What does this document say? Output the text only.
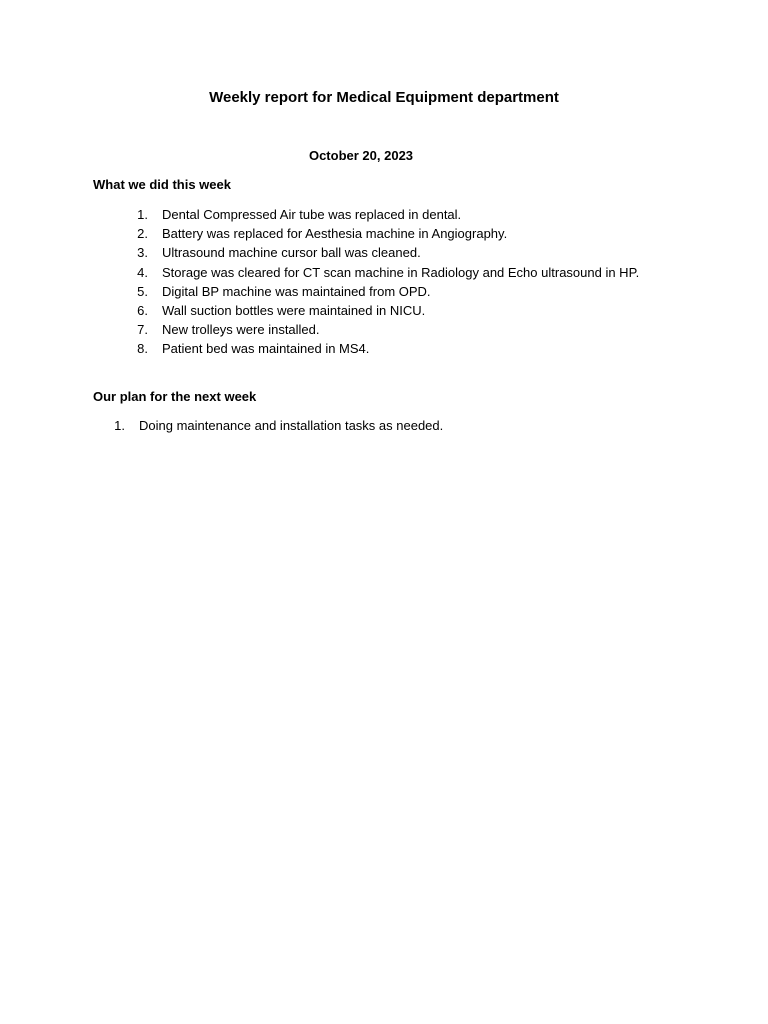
Weekly report for Medical Equipment department
October 20, 2023
What we did this week
1. Dental Compressed Air tube was replaced in dental.
2. Battery was replaced for Aesthesia machine in Angiography.
3. Ultrasound machine cursor ball was cleaned.
4. Storage was cleared for CT scan machine in Radiology and Echo ultrasound in HP.
5. Digital BP machine was maintained from OPD.
6. Wall suction bottles were maintained in NICU.
7. New trolleys were installed.
8. Patient bed was maintained in MS4.
Our plan for the next week
1. Doing maintenance and installation tasks as needed.
